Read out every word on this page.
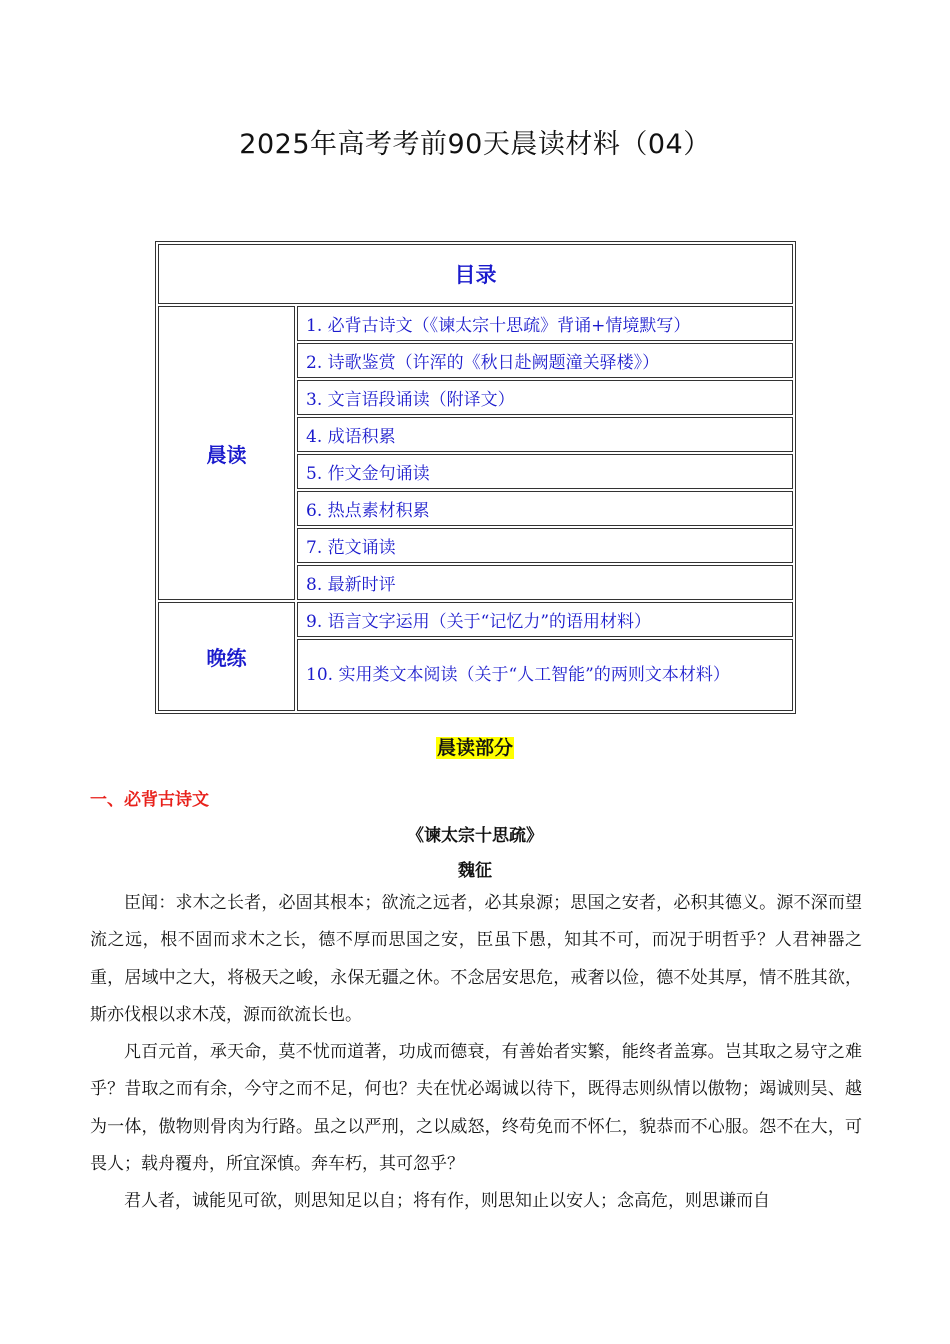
2025年高考考前90天晨读材料（04）
目录	
晨读	1. 必背古诗文（《谏太宗十思疏》背诵+情境默写）
	2. 诗歌鉴赏（许浑的《秋日赴阙题潼关驿楼》）
	3. 文言语段诵读（附译文）
	4. 成语积累
	5. 作文金句诵读
	6. 热点素材积累
	7. 范文诵读
	8. 最新时评
晚练	9. 语言文字运用（关于“记忆力”的语用材料）
	10. 实用类文本阅读（关于“人工智能”的两则文本材料）
晨读部分
一、必背古诗文
《谏太宗十思疏》
魏征

臣闻：求木之长者，必固其根本；欲流之远者，必其泉源；思国之安者，必积其德义。源不深而望流之远，根不固而求木之长，德不厚而思国之安，臣虽下愚，知其不可，而况于明哲乎？人君神器之重，居域中之大，将极天之峻，永保无疆之休。不念居安思危，戒奢以俭，德不处其厚，情不胜其欲，斯亦伐根以求木茂，源而欲流长也。

凡百元首，承天命，莫不忧而道著，功成而德衰，有善始者实繁，能终者盖寡。岂其取之易守之难乎？昔取之而有余，今守之而不足，何也？夫在忧必竭诚以待下，既得志则纵情以傲物；竭诚则吴、越为一体，傲物则骨肉为行路。虽之以严刑，之以威怒，终苟免而不怀仁，貌恭而不心服。怨不在大，可畏人；载舟覆舟，所宜深慎。奔车朽，其可忽乎？

君人者，诚能见可欲，则思知足以自；将有作，则思知止以安人；念高危，则思谦而自
